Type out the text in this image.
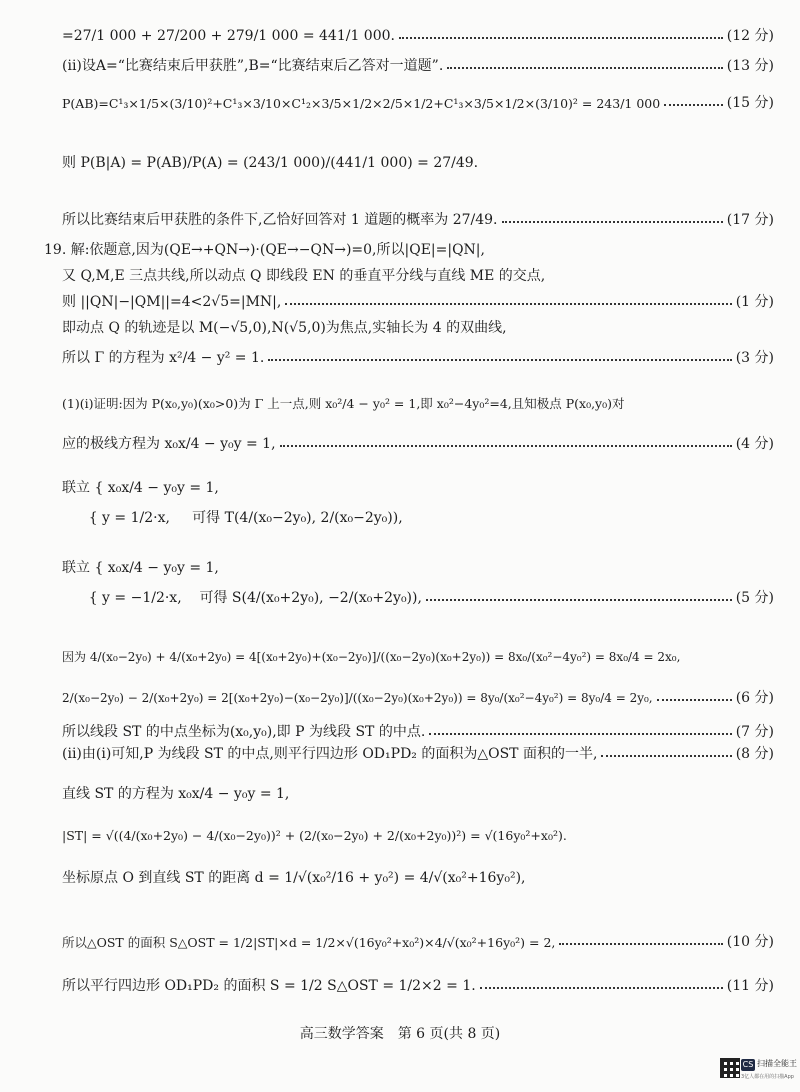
=27/1 000 + 27/200 + 279/1 000 = 441/1 000.	(12 分)
(ii)设A=“比赛结束后甲获胜”,B=“比赛结束后乙答对一道题”.	(13 分)
P(AB)=C¹₃×1/5×(3/10)²+C¹₃×3/10×C¹₂×3/5×1/2×2/5×1/2+C¹₃×3/5×1/2×(3/10)² = 243/1 000	(15 分)
则 P(B|A) = P(AB)/P(A) = (243/1 000)/(441/1 000) = 27/49.
所以比赛结束后甲获胜的条件下,乙恰好回答对 1 道题的概率为 27/49.	(17 分)
19. 解:依题意,因为(QE→+QN→)·(QE→−QN→)=0,所以|QE|=|QN|,
又 Q,M,E 三点共线,所以动点 Q 即线段 EN 的垂直平分线与直线 ME 的交点,
则 ||QN|−|QM||=4<2√5=|MN|,	(1 分)
即动点 Q 的轨迹是以 M(−√5,0),N(√5,0)为焦点,实轴长为 4 的双曲线,
所以 Γ 的方程为 x²/4 − y² = 1.	(3 分)
(1)(i)证明:因为 P(x₀,y₀)(x₀>0)为 Γ 上一点,则 x₀²/4 − y₀² = 1,即 x₀²−4y₀²=4,且知极点 P(x₀,y₀)对
应的极线方程为 x₀x/4 − y₀y = 1,	(4 分)
联立 { x₀x/4 − y₀y = 1,
{ y = 1/2·x,     可得 T(4/(x₀−2y₀), 2/(x₀−2y₀)),
联立 { x₀x/4 − y₀y = 1,
{ y = −1/2·x,    可得 S(4/(x₀+2y₀), −2/(x₀+2y₀)),	(5 分)
因为 4/(x₀−2y₀) + 4/(x₀+2y₀) = 4[(x₀+2y₀)+(x₀−2y₀)]/((x₀−2y₀)(x₀+2y₀)) = 8x₀/(x₀²−4y₀²) = 8x₀/4 = 2x₀,
2/(x₀−2y₀) − 2/(x₀+2y₀) = 2[(x₀+2y₀)−(x₀−2y₀)]/((x₀−2y₀)(x₀+2y₀)) = 8y₀/(x₀²−4y₀²) = 8y₀/4 = 2y₀,	(6 分)
所以线段 ST 的中点坐标为(x₀,y₀),即 P 为线段 ST 的中点.	(7 分)
(ii)由(i)可知,P 为线段 ST 的中点,则平行四边形 OD₁PD₂ 的面积为△OST 面积的一半,	(8 分)
直线 ST 的方程为 x₀x/4 − y₀y = 1,
|ST| = √((4/(x₀+2y₀) − 4/(x₀−2y₀))² + (2/(x₀−2y₀) + 2/(x₀+2y₀))²) = √(16y₀²+x₀²).
坐标原点 O 到直线 ST 的距离 d = 1/√(x₀²/16 + y₀²) = 4/√(x₀²+16y₀²),
所以△OST 的面积 S△OST = 1/2|ST|×d = 1/2×√(16y₀²+x₀²)×4/√(x₀²+16y₀²) = 2,	(10 分)
所以平行四边形 OD₁PD₂ 的面积 S = 1/2 S△OST = 1/2×2 = 1.	(11 分)
高三数学答案　第 6 页(共 8 页)
CS 扫描全能王
3亿人都在用的扫描App
